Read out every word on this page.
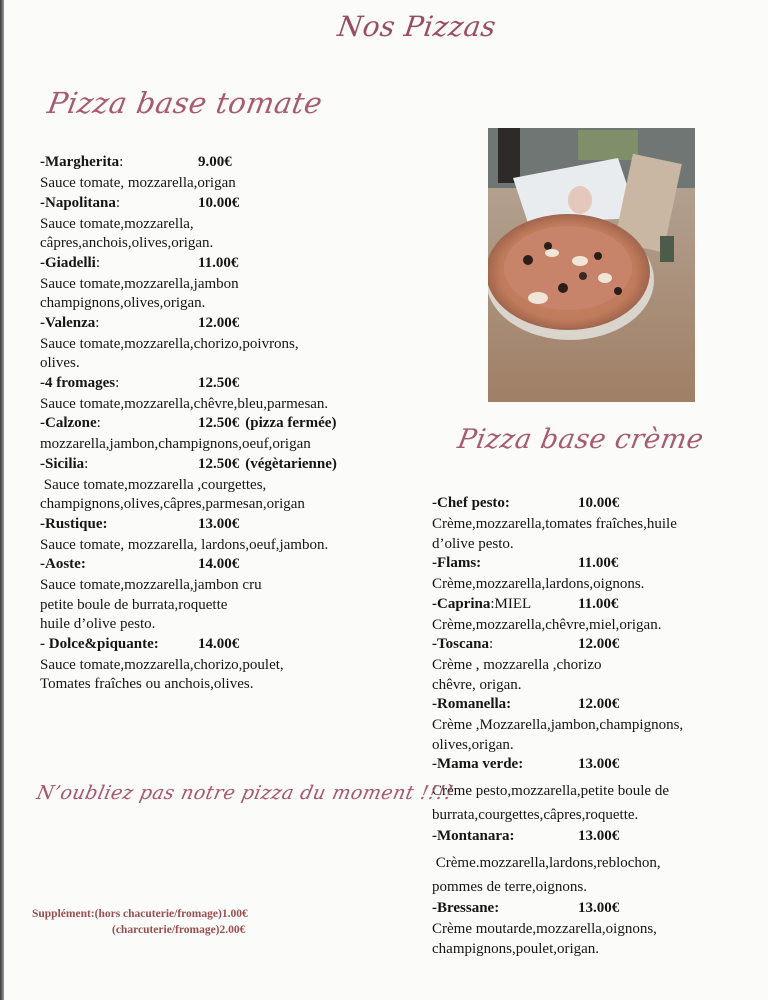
Nos Pizzas
Pizza base tomate
-Margherita :	9.00€
Sauce tomate, mozzarella,origan
-Napolitana :	10.00€
Sauce tomate,mozzarella,
câpres,anchois,olives,origan.
-Giadelli :	11.00€
Sauce tomate,mozzarella,jambon
champignons,olives,origan.
-Valenza :	12.00€
Sauce tomate,mozzarella,chorizo,poivrons,
olives.
-4 fromages :	12.50€
Sauce tomate,mozzarella,chêvre,bleu,parmesan.
-Calzone :	12.50€ (pizza fermée)
mozzarella,jambon,champignons,oeuf,origan
-Sicilia :	12.50€ (végètarienne)
Sauce tomate,mozzarella ,courgettes,
champignons,olives,câpres,parmesan,origan
-Rustique:	13.00€
Sauce tomate, mozzarella, lardons,oeuf,jambon.
-Aoste:	14.00€
Sauce tomate,mozzarella,jambon cru
petite boule de burrata,roquette
huile d’olive pesto.
- Dolce&piquante:	14.00€
Sauce tomate,mozzarella,chorizo,poulet,
Tomates fraîches ou anchois,olives.
Pizza base crème
-Chef pesto:	10.00€
Crème,mozzarella,tomates fraîches,huile
d’olive pesto.
-Flams:	11.00€
Crème,mozzarella,lardons,oignons.
-Caprina : MIEL	11.00€
Crème,mozzarella,chêvre,miel,origan.
-Toscana :	12.00€
Crème , mozzarella ,chorizo
chêvre, origan.
-Romanella:	12.00€
Crème ,Mozzarella,jambon,champignons,
olives,origan.
-Mama verde:	13.00€
Crème pesto,mozzarella,petite boule de
burrata,courgettes,câpres,roquette.
-Montanara:	13.00€
Crème.mozzarella,lardons,reblochon,
pommes de terre,oignons.
-Bressane:	13.00€
Crème moutarde,mozzarella,oignons,
champignons,poulet,origan.
N’oubliez pas notre pizza du moment !!!!
Supplément:(hors chacuterie/fromage)1.00€
(charcuterie/fromage)2.00€
